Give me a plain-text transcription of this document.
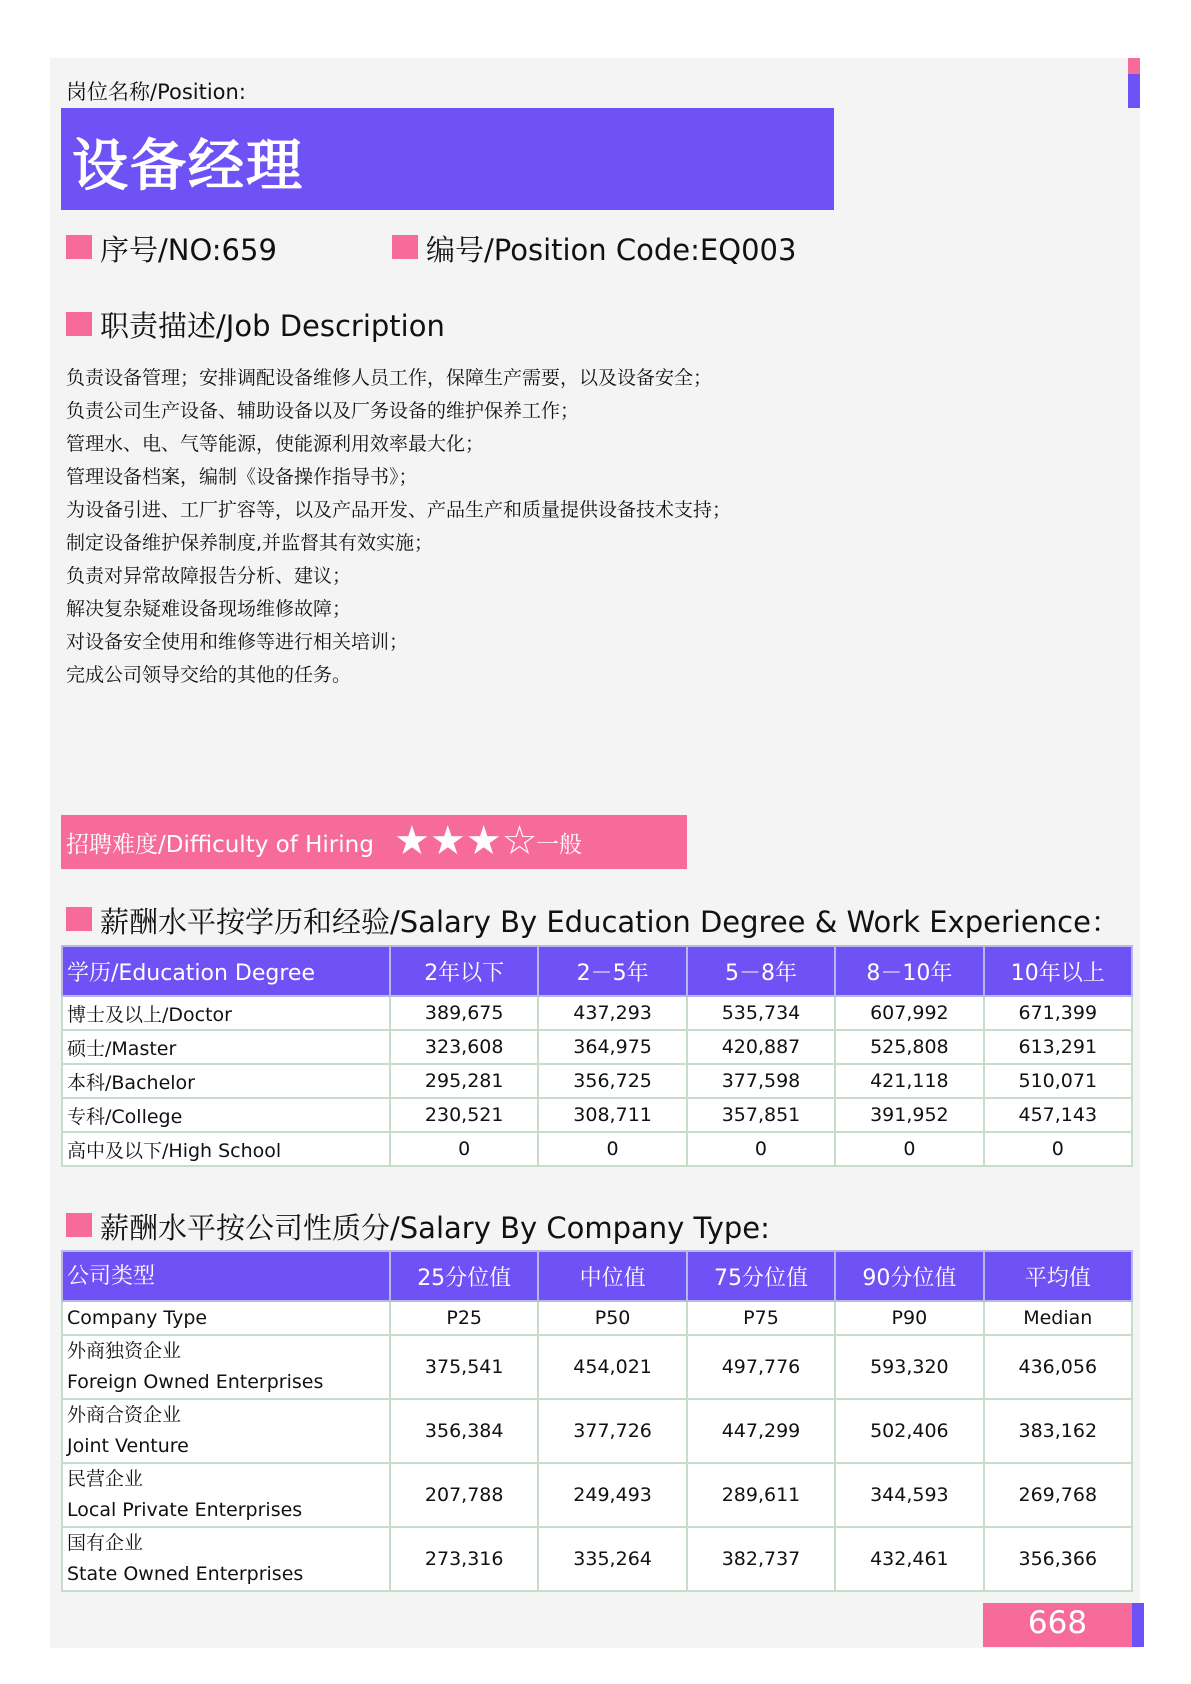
岗位名称/Position:
设备经理
序号/NO:659	编号/Position Code:EQ003
职责描述/Job Description
负责设备管理；安排调配设备维修人员工作，保障生产需要，以及设备安全；
负责公司生产设备、辅助设备以及厂务设备的维护保养工作；
管理水、电、气等能源，使能源利用效率最大化；
管理设备档案，编制《设备操作指导书》；
为设备引进、工厂扩容等，以及产品开发、产品生产和质量提供设备技术支持；
制定设备维护保养制度,并监督其有效实施；
负责对异常故障报告分析、建议；
解决复杂疑难设备现场维修故障；
对设备安全使用和维修等进行相关培训；
完成公司领导交给的其他的任务。
招聘难度/Difficulty of Hiring ★★★☆
一般
薪酬水平按学历和经验/Salary By Education Degree & Work Experience：
学历/Education Degree	2年以下	2－5年	5－8年	8－10年	10年以上
博士及以上/Doctor	389,675	437,293	535,734	607,992	671,399
硕士/Master	323,608	364,975	420,887	525,808	613,291
本科/Bachelor	295,281	356,725	377,598	421,118	510,071
专科/College	230,521	308,711	357,851	391,952	457,143
高中及以下/High School	0	0	0	0	0
薪酬水平按公司性质分/Salary By Company Type:
公司类型	25分位值	中位值	75分位值	90分位值	平均值
Company Type	P25	P50	P75	P90	Median

外商独资企业
Foreign Owned Enterprises	375,541	454,021	497,776	593,320	436,056

外商合资企业
Joint Venture	356,384	377,726	447,299	502,406	383,162

民营企业
Local Private Enterprises	207,788	249,493	289,611	344,593	269,768

国有企业
State Owned Enterprises	273,316	335,264	382,737	432,461	356,366
668
